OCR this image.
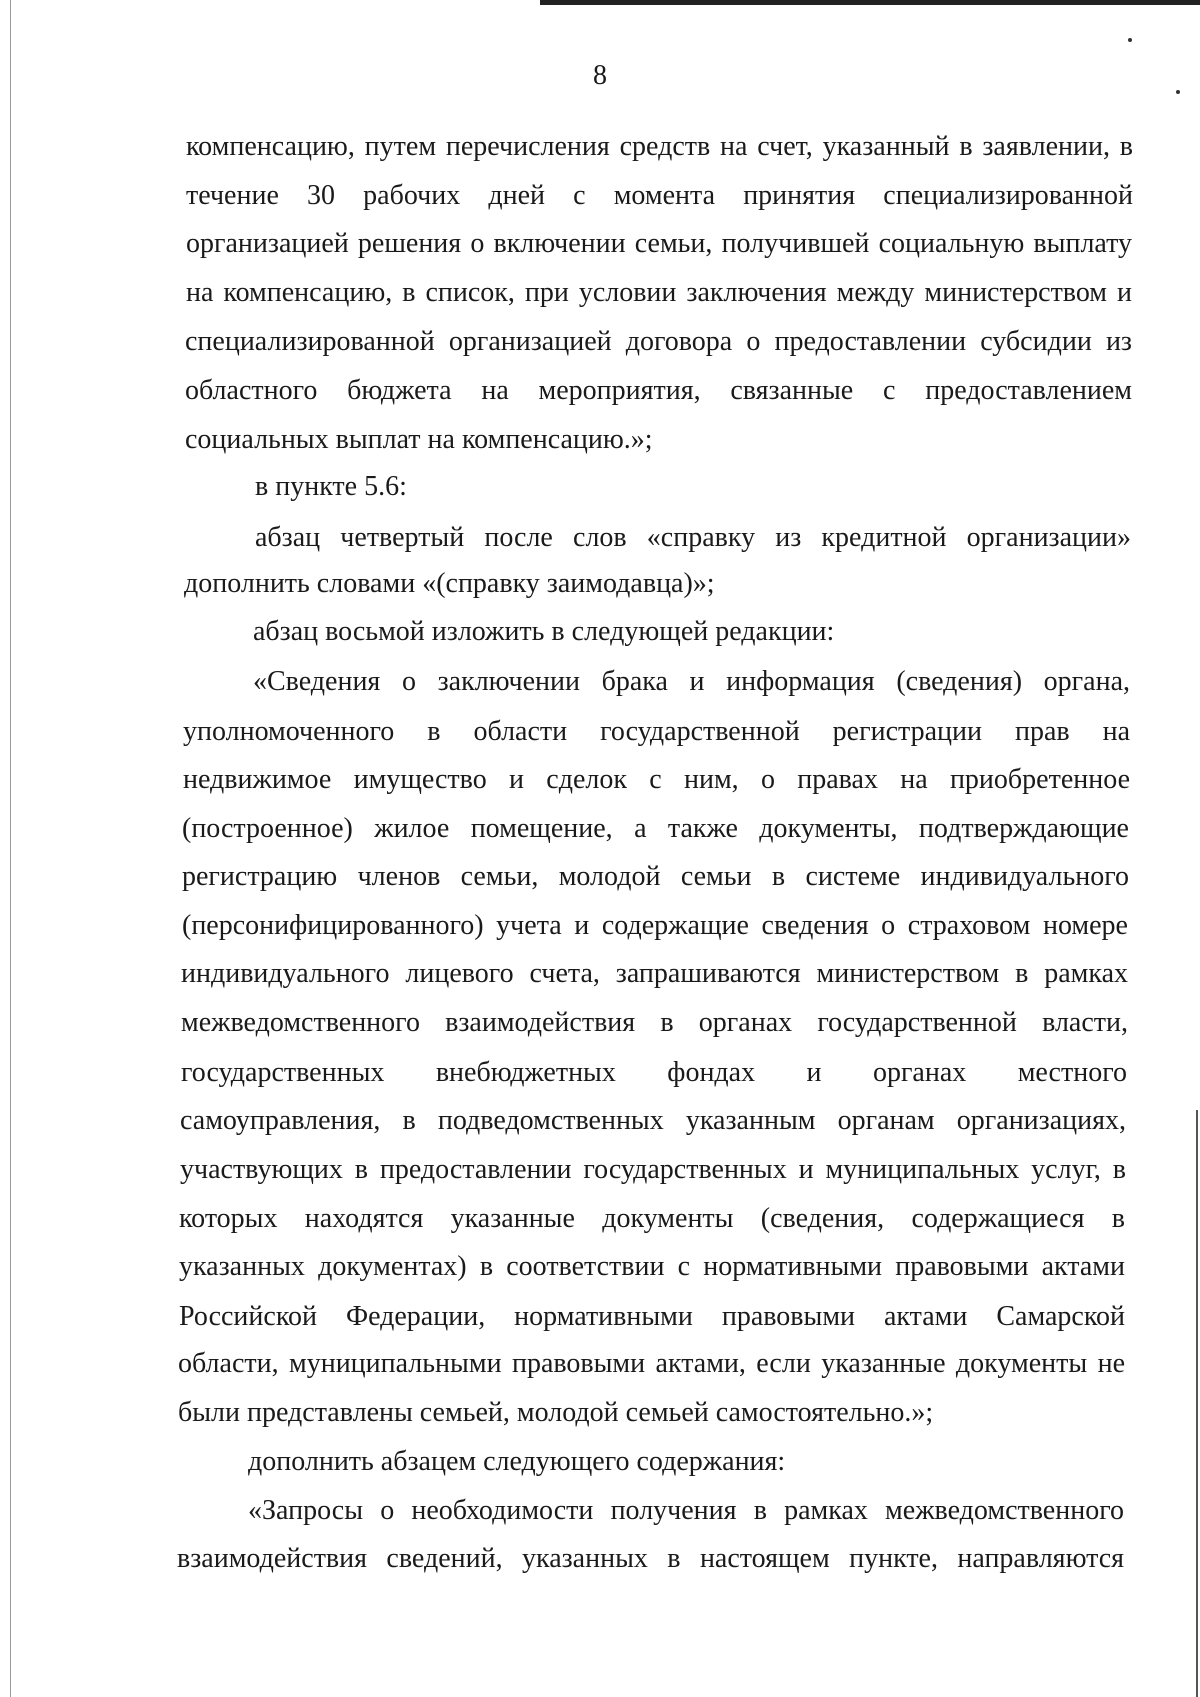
8
компенсацию, путем перечисления средств на счет, указанный в заявлении, в
течение 30 рабочих дней с момента принятия специализированной
организацией решения о включении семьи, получившей социальную выплату
на компенсацию, в список, при условии заключения между министерством и
специализированной организацией договора о предоставлении субсидии из
областного бюджета на мероприятия, связанные с предоставлением
социальных выплат на компенсацию.»;
в пункте 5.6:
абзац четвертый после слов «справку из кредитной организации»
дополнить словами «(справку заимодавца)»;
абзац восьмой изложить в следующей редакции:
«Сведения о заключении брака и информация (сведения) органа,
уполномоченного в области государственной регистрации прав на
недвижимое имущество и сделок с ним, о правах на приобретенное
(построенное) жилое помещение, а также документы, подтверждающие
регистрацию членов семьи, молодой семьи в системе индивидуального
(персонифицированного) учета и содержащие сведения о страховом номере
индивидуального лицевого счета, запрашиваются министерством в рамках
межведомственного взаимодействия в органах государственной власти,
государственных внебюджетных фондах и органах местного
самоуправления, в подведомственных указанным органам организациях,
участвующих в предоставлении государственных и муниципальных услуг, в
которых находятся указанные документы (сведения, содержащиеся в
указанных документах) в соответствии с нормативными правовыми актами
Российской Федерации, нормативными правовыми актами Самарской
области, муниципальными правовыми актами, если указанные документы не
были представлены семьей, молодой семьей самостоятельно.»;
дополнить абзацем следующего содержания:
«Запросы о необходимости получения в рамках межведомственного
взаимодействия сведений, указанных в настоящем пункте, направляются
